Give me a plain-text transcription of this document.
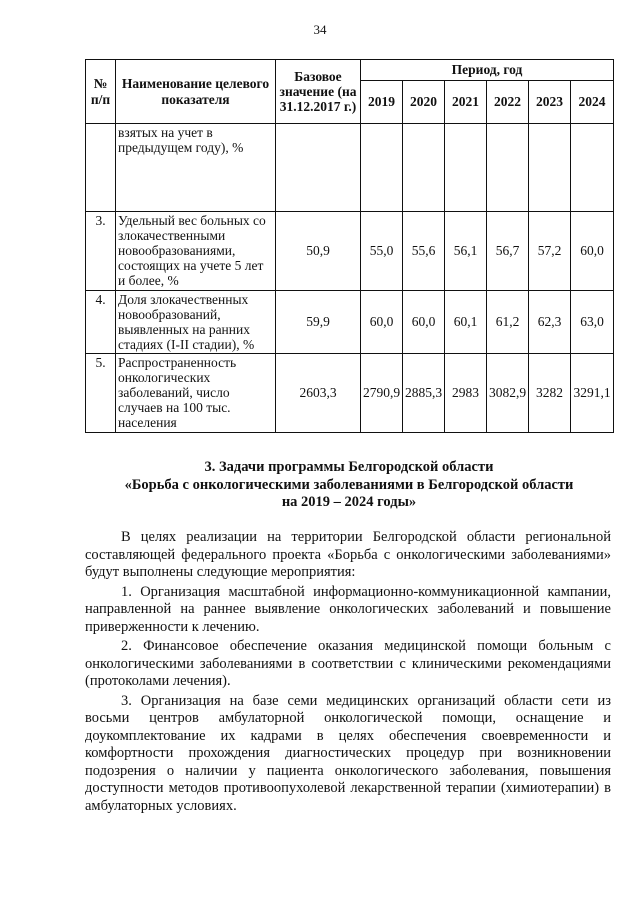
34
№ п/п	Наименование целевого показателя	Базовое значение (на 31.12.2017 г.)	Период, год					
			2019	2020	2021	2022	2023	2024
	взятых на учет в предыдущем году), %							
3.	Удельный вес больных со злокачественными новообразованиями, состоящих на учете 5 лет и более, %	50,9	55,0	55,6	56,1	56,7	57,2	60,0
4.	Доля злокачественных новообразований, выявленных на ранних стадиях (I-II стадии), %	59,9	60,0	60,0	60,1	61,2	62,3	63,0
5.	Распространенность онкологических заболеваний, число случаев на 100 тыс. населения	2603,3	2790,9	2885,3	2983	3082,9	3282	3291,1
3. Задачи программы Белгородской области
«Борьба с онкологическими заболеваниями в Белгородской области
на 2019 – 2024 годы»

В целях реализации на территории Белгородской области региональной составляющей федерального проекта «Борьба с онкологическими заболеваниями» будут выполнены следующие мероприятия:

1. Организация масштабной информационно-коммуникационной кампании, направленной на раннее выявление онкологических заболеваний и повышение приверженности к лечению.
2. Финансовое обеспечение оказания медицинской помощи больным с онкологическими заболеваниями в соответствии с клиническими рекомендациями (протоколами лечения).
3. Организация на базе семи медицинских организаций области сети из восьми центров амбулаторной онкологической помощи, оснащение и доукомплектование их кадрами в целях обеспечения своевременности и комфортности прохождения диагностических процедур при возникновении подозрения о наличии у пациента онкологического заболевания, повышения доступности методов противоопухолевой лекарственной терапии (химиотерапии) в амбулаторных условиях.
